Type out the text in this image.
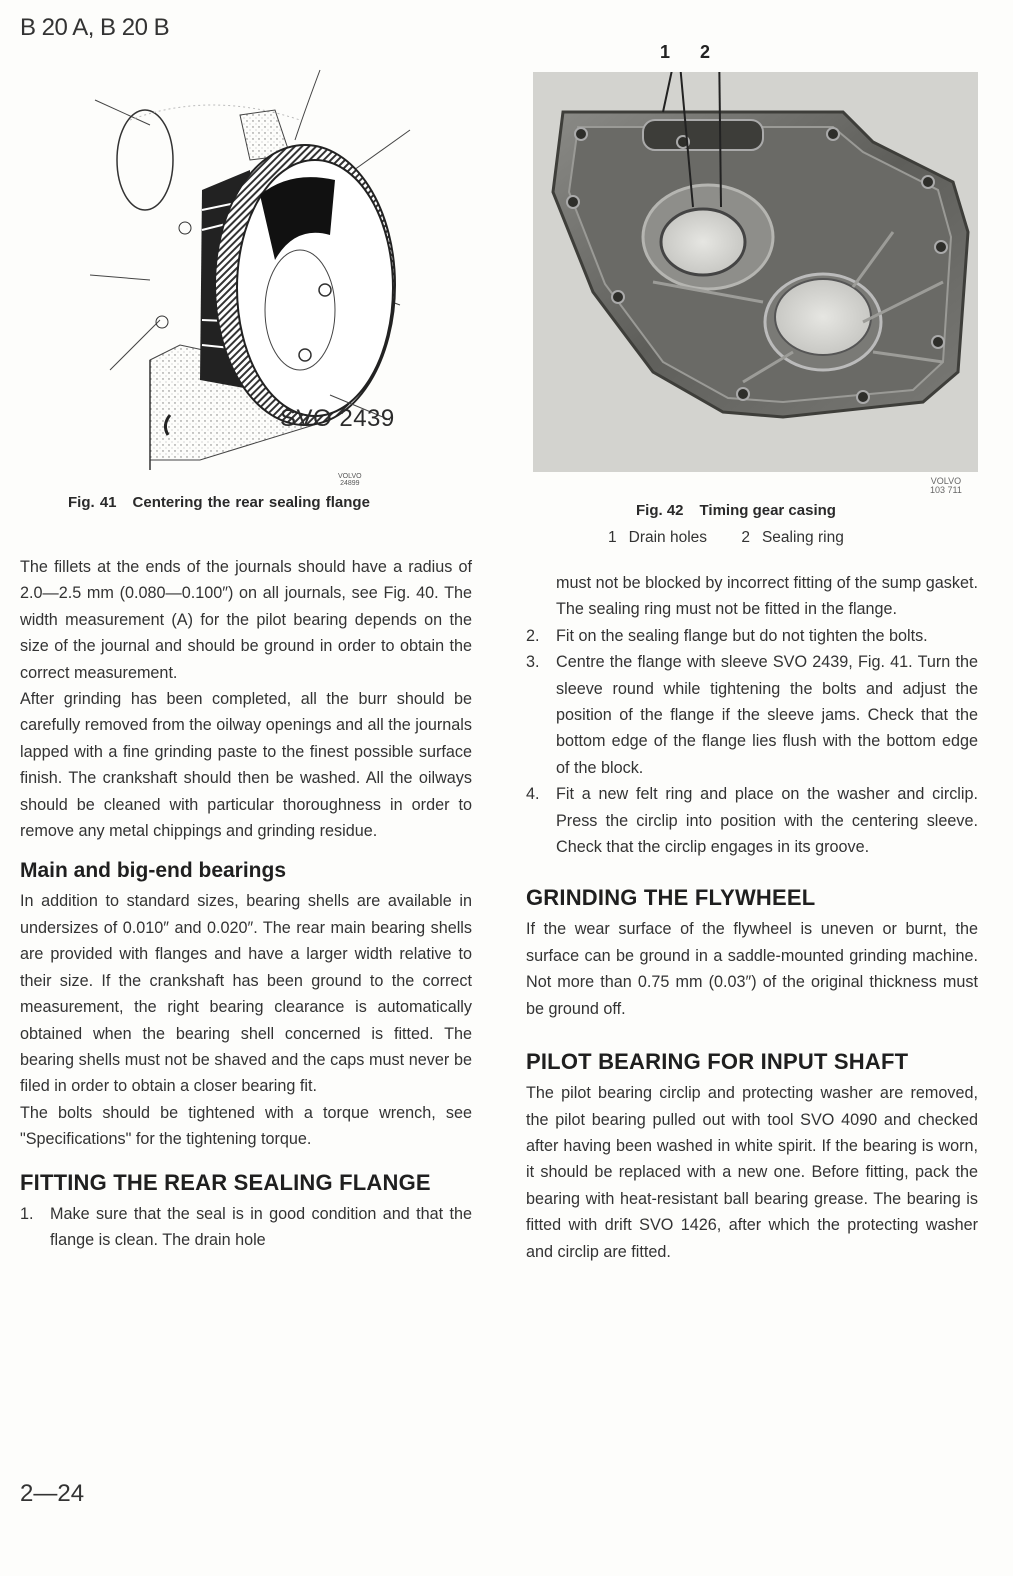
B 20 A, B 20 B
SVO 2439
VOLVO
24899
Fig. 41 Centering the rear sealing flange
1 2
VOLVO
103 711
Fig. 42 Timing gear casing
1 Drain holes 2 Sealing ring

The fillets at the ends of the journals should have a radius of 2.0—2.5 mm (0.080—0.100″) on all journals, see Fig. 40. The width measurement (A) for the pilot bearing depends on the size of the journal and should be ground in order to obtain the correct measurement.

After grinding has been completed, all the burr should be carefully removed from the oilway openings and all the journals lapped with a fine grinding paste to the finest possible surface finish. The crankshaft should then be washed. All the oilways should be cleaned with particular thoroughness in order to remove any metal chippings and grinding residue.

Main and big-end bearings

In addition to standard sizes, bearing shells are available in undersizes of 0.010″ and 0.020″. The rear main bearing shells are provided with flanges and have a larger width relative to their size. If the crankshaft has been ground to the correct measurement, the right bearing clearance is automatically obtained when the bearing shell concerned is fitted. The bearing shells must not be shaved and the caps must never be filed in order to obtain a closer bearing fit.

The bolts should be tightened with a torque wrench, see "Specifications" for the tightening torque.

FITTING THE REAR SEALING FLANGE
1. Make sure that the seal is in good condition and that the flange is clean. The drain hole

must not be blocked by incorrect fitting of the sump gasket. The sealing ring must not be fitted in the flange.

2. Fit on the sealing flange but do not tighten the bolts.
3. Centre the flange with sleeve SVO 2439, Fig. 41. Turn the sleeve round while tightening the bolts and adjust the position of the flange if the sleeve jams. Check that the bottom edge of the flange lies flush with the bottom edge of the block.
4. Fit a new felt ring and place on the washer and circlip. Press the circlip into position with the centering sleeve. Check that the circlip engages in its groove.
GRINDING THE FLYWHEEL

If the wear surface of the flywheel is uneven or burnt, the surface can be ground in a saddle-mounted grinding machine. Not more than 0.75 mm (0.03″) of the original thickness must be ground off.

PILOT BEARING FOR INPUT SHAFT

The pilot bearing circlip and protecting washer are removed, the pilot bearing pulled out with tool SVO 4090 and checked after having been washed in white spirit. If the bearing is worn, it should be replaced with a new one. Before fitting, pack the bearing with heat-resistant ball bearing grease. The bearing is fitted with drift SVO 1426, after which the protecting washer and circlip are fitted.

2—24
